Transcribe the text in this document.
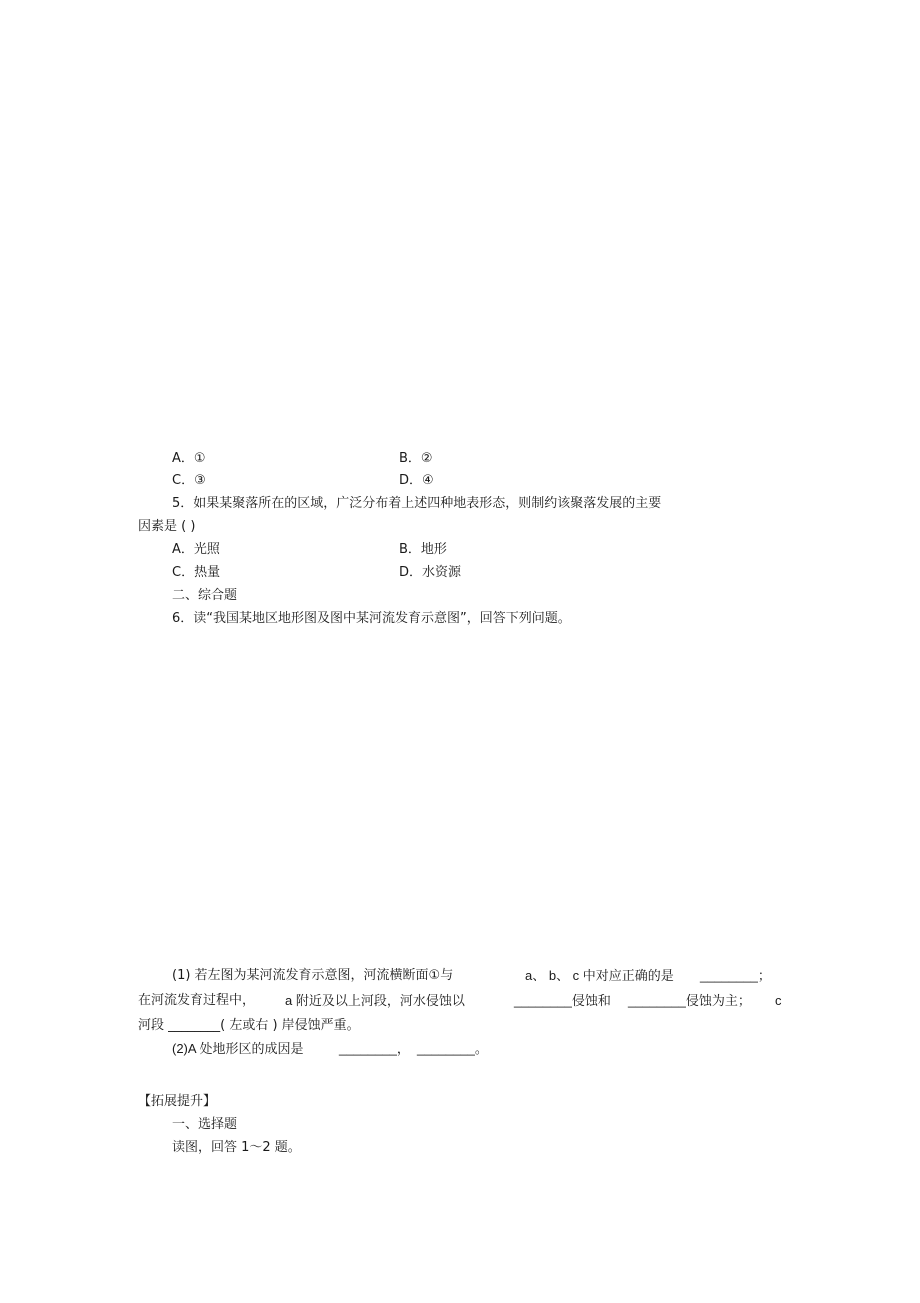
A．①	B．②
C．③	D．④
5．如果某聚落所在的区域，广泛分布着上述四种地表形态，则制约该聚落发展的主要
因素是 ( )
A．光照	B．地形
C．热量	D．水资源
二、综合题
6．读“我国某地区地形图及图中某河流发育示意图”，回答下列问题。
(1) 若左图为某河流发育示意图，河流横断面①与	a、 b、 c 中对应正确的是 ________；
在河流发育过程中， a 附近及以上河段，河水侵蚀以	________侵蚀和 ________侵蚀为主； c
河段 ________( 左或右 ) 岸侵蚀严重。
(2)A 处地形区的成因是	________， ________。
【拓展提升】
一、选择题
读图，回答 1～2 题。
